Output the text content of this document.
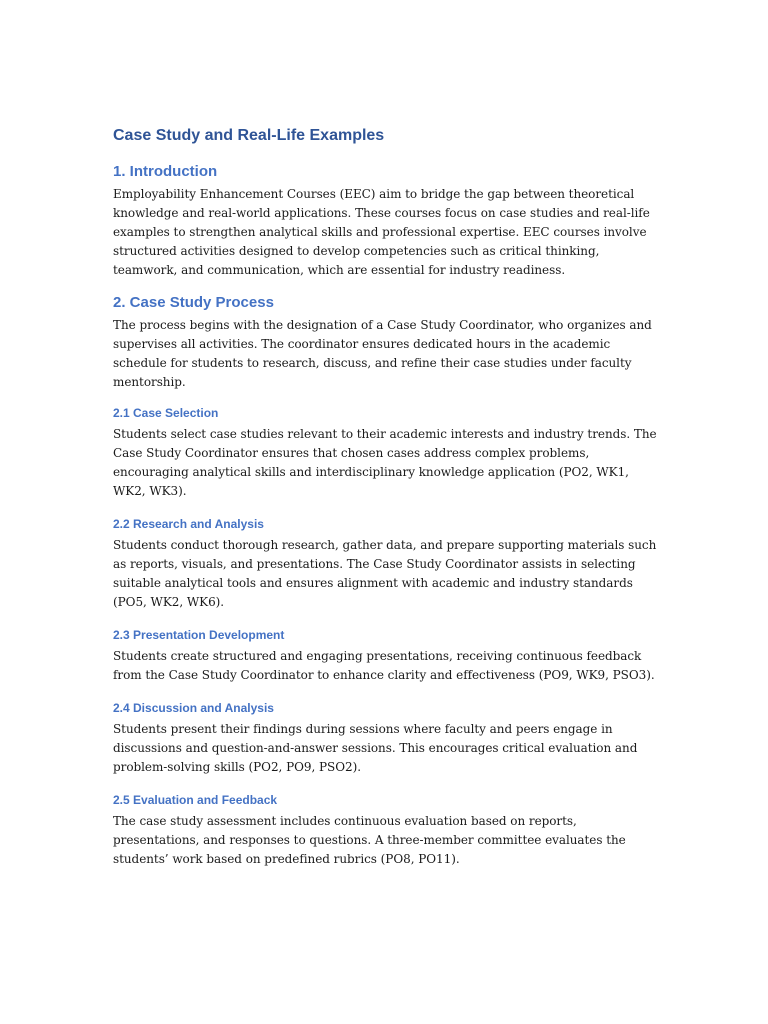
Case Study and Real-Life Examples
1. Introduction

Employability Enhancement Courses (EEC) aim to bridge the gap between theoretical knowledge and real-world applications. These courses focus on case studies and real-life examples to strengthen analytical skills and professional expertise. EEC courses involve structured activities designed to develop competencies such as critical thinking, teamwork, and communication, which are essential for industry readiness.

2. Case Study Process

The process begins with the designation of a Case Study Coordinator, who organizes and supervises all activities. The coordinator ensures dedicated hours in the academic schedule for students to research, discuss, and refine their case studies under faculty mentorship.

2.1 Case Selection

Students select case studies relevant to their academic interests and industry trends. The Case Study Coordinator ensures that chosen cases address complex problems, encouraging analytical skills and interdisciplinary knowledge application (PO2, WK1, WK2, WK3).

2.2 Research and Analysis

Students conduct thorough research, gather data, and prepare supporting materials such as reports, visuals, and presentations. The Case Study Coordinator assists in selecting suitable analytical tools and ensures alignment with academic and industry standards (PO5, WK2, WK6).

2.3 Presentation Development

Students create structured and engaging presentations, receiving continuous feedback from the Case Study Coordinator to enhance clarity and effectiveness (PO9, WK9, PSO3).

2.4 Discussion and Analysis

Students present their findings during sessions where faculty and peers engage in discussions and question-and-answer sessions. This encourages critical evaluation and problem-solving skills (PO2, PO9, PSO2).

2.5 Evaluation and Feedback

The case study assessment includes continuous evaluation based on reports, presentations, and responses to questions. A three-member committee evaluates the students’ work based on predefined rubrics (PO8, PO11).
